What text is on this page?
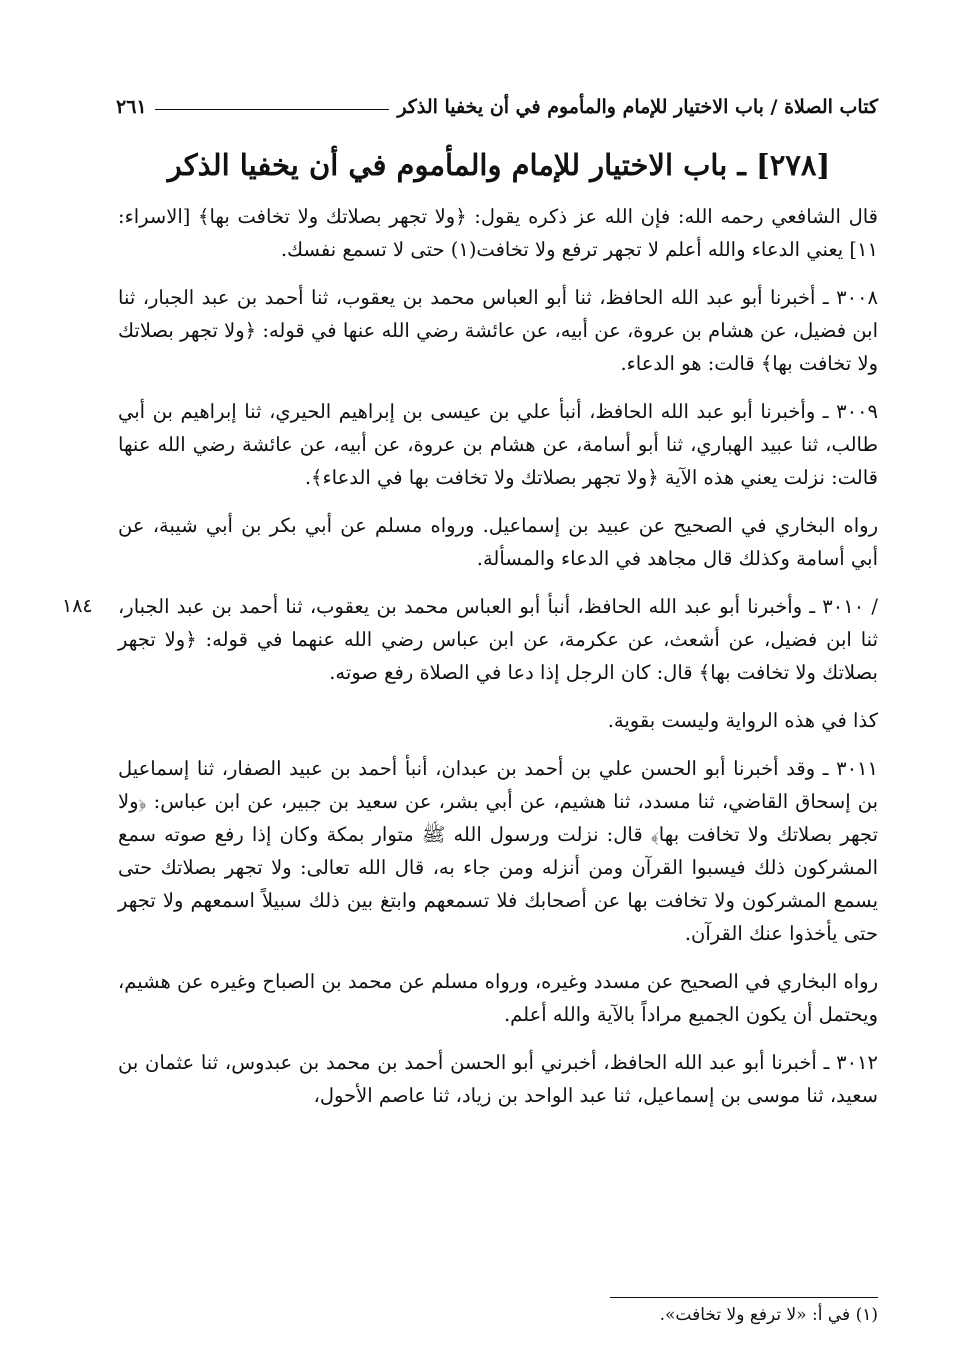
كتاب الصلاة / باب الاختيار للإمام والمأموم في أن يخفيا الذكر
٢٦١
[٢٧٨] ـ باب الاختيار للإمام والمأموم في أن يخفيا الذكر
قال الشافعي رحمه الله: فإن الله عز ذكره يقول: ﴿ولا تجهر بصلاتك ولا تخافت بها﴾ [الاسراء: ١١] يعني الدعاء والله أعلم لا تجهر ترفع ولا تخافت(١) حتى لا تسمع نفسك.
٣٠٠٨ ـ أخبرنا أبو عبد الله الحافظ، ثنا أبو العباس محمد بن يعقوب، ثنا أحمد بن عبد الجبار، ثنا ابن فضيل، عن هشام بن عروة، عن أبيه، عن عائشة رضي الله عنها في قوله: ﴿ولا تجهر بصلاتك ولا تخافت بها﴾ قالت: هو الدعاء.
٣٠٠٩ ـ وأخبرنا أبو عبد الله الحافظ، أنبأ علي بن عيسى بن إبراهيم الحيري، ثنا إبراهيم بن أبي طالب، ثنا عبيد الهباري، ثنا أبو أسامة، عن هشام بن عروة، عن أبيه، عن عائشة رضي الله عنها قالت: نزلت يعني هذه الآية ﴿ولا تجهر بصلاتك ولا تخافت بها في الدعاء﴾.
رواه البخاري في الصحيح عن عبيد بن إسماعيل. ورواه مسلم عن أبي بكر بن أبي شيبة، عن أبي أسامة وكذلك قال مجاهد في الدعاء والمسألة.
١٨٤ / ٣٠١٠ ـ وأخبرنا أبو عبد الله الحافظ، أنبأ أبو العباس محمد بن يعقوب، ثنا أحمد بن عبد الجبار، ثنا ابن فضيل، عن أشعث، عن عكرمة، عن ابن عباس رضي الله عنهما في قوله: ﴿ولا تجهر بصلاتك ولا تخافت بها﴾ قال: كان الرجل إذا دعا في الصلاة رفع صوته.
كذا في هذه الرواية وليست بقوية.
٣٠١١ ـ وقد أخبرنا أبو الحسن علي بن أحمد بن عبدان، أنبأ أحمد بن عبيد الصفار، ثنا إسماعيل بن إسحاق القاضي، ثنا مسدد، ثنا هشيم، عن أبي بشر، عن سعيد بن جبير، عن ابن عباس: ﴿ولا تجهر بصلاتك ولا تخافت بها﴾ قال: نزلت ورسول الله ﷺ متوار بمكة وكان إذا رفع صوته سمع المشركون ذلك فيسبوا القرآن ومن أنزله ومن جاء به، قال الله تعالى: ولا تجهر بصلاتك حتى يسمع المشركون ولا تخافت بها عن أصحابك فلا تسمعهم وابتغ بين ذلك سبيلاً اسمعهم ولا تجهر حتى يأخذوا عنك القرآن.
رواه البخاري في الصحيح عن مسدد وغيره، ورواه مسلم عن محمد بن الصباح وغيره عن هشيم، ويحتمل أن يكون الجميع مراداً بالآية والله أعلم.
٣٠١٢ ـ أخبرنا أبو عبد الله الحافظ، أخبرني أبو الحسن أحمد بن محمد بن عبدوس، ثنا عثمان بن سعيد، ثنا موسى بن إسماعيل، ثنا عبد الواحد بن زياد، ثنا عاصم الأحول،

(١) في أ: «لا ترفع ولا تخافت».
